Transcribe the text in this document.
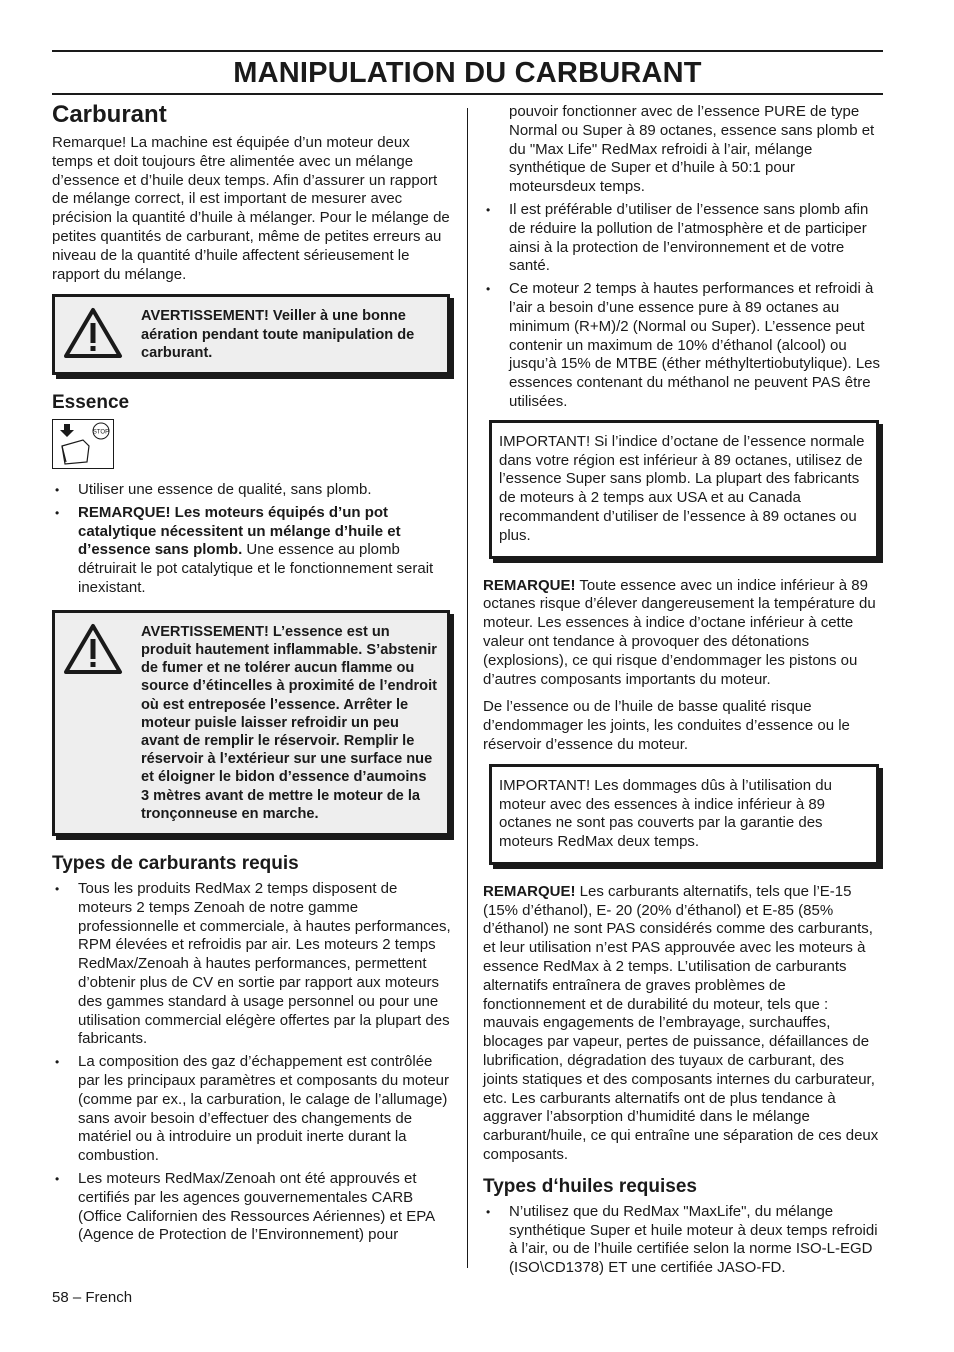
MANIPULATION DU CARBURANT
Carburant

Remarque! La machine est équipée d’un moteur deux temps et doit toujours être alimentée avec un mélange d’essence et d’huile deux temps. Afin d’assurer un rapport de mélange correct, il est important de mesurer avec précision la quantité d’huile à mélanger. Pour le mélange de petites quantités de carburant, même de petites erreurs au niveau de la quantité d’huile affectent sérieusement le rapport du mélange.

AVERTISSEMENT! Veiller à une bonne aération pendant toute manipulation de carburant.

Essence
STOP
• Utiliser une essence de qualité, sans plomb.
• REMARQUE! Les moteurs équipés d’un pot catalytique nécessitent un mélange d’huile et d’essence sans plomb. Une essence au plomb détruirait le pot catalytique et le fonctionnement serait inexistant.

AVERTISSEMENT! L’essence est un produit hautement inflammable. S’abstenir de fumer et ne tolérer aucun flamme ou source d’étincelles à proximité de l’endroit où est entreposée l’essence. Arrêter le moteur puisle laisser refroidir un peu avant de remplir le réservoir. Remplir le réservoir à l’extérieur sur une surface nue et éloigner le bidon d’essence d’aumoins 3 mètres avant de mettre le moteur de la tronçonneuse en marche.

Types de carburants requis
• Tous les produits RedMax 2 temps disposent de moteurs 2 temps Zenoah de notre gamme professionnelle et commerciale, à hautes performances, RPM élevées et refroidis par air. Les moteurs 2 temps RedMax/Zenoah à hautes performances, permettent d’obtenir plus de CV en sortie par rapport aux moteurs des gammes standard à usage personnel ou pour une utilisation commercial elégère offertes par la plupart des fabricants.
• La composition des gaz d’échappement est contrôlée par les principaux paramètres et composants du moteur (comme par ex., la carburation, le calage de l’allumage) sans avoir besoin d’effectuer des changements de matériel ou à introduire un produit inerte durant la combustion.
• Les moteurs RedMax/Zenoah ont été approuvés et certifiés par les agences gouvernementales CARB (Office Californien des Ressources Aériennes) et EPA (Agence de Protection de l’Environnement) pour

pouvoir fonctionner avec de l’essence PURE de type Normal ou Super à 89 octanes, essence sans plomb et du "Max Life" RedMax refroidi à l’air, mélange synthétique de Super et d’huile à 50:1 pour moteursdeux temps.

• Il est préférable d’utiliser de l’essence sans plomb afin de réduire la pollution de l’atmosphère et de participer ainsi à la protection de l’environnement et de votre santé.
• Ce moteur 2 temps à hautes performances et refroidi à l’air a besoin d’une essence pure à 89 octanes au minimum (R+M)/2 (Normal ou Super). L’essence peut contenir un maximum de 10% d’éthanol (alcool) ou jusqu’à 15% de MTBE (éther méthyltertiobutylique). Les essences contenant du méthanol ne peuvent PAS être utilisées.

IMPORTANT! Si l’indice d’octane de l’essence normale dans votre région est inférieur à 89 octanes, utilisez de l’essence Super sans plomb. La plupart des fabricants de moteurs à 2 temps aux USA et au Canada recommandent d’utiliser de l’essence à 89 octanes ou plus.

REMARQUE! Toute essence avec un indice inférieur à 89 octanes risque d’élever dangereusement la température du moteur. Les essences à indice d’octane inférieur à cette valeur ont tendance à provoquer des détonations (explosions), ce qui risque d’endommager les pistons ou d’autres composants importants du moteur.

De l’essence ou de l’huile de basse qualité risque d’endommager les joints, les conduites d’essence ou le réservoir d’essence du moteur.

IMPORTANT! Les dommages dûs à l’utilisation du moteur avec des essences à indice inférieur à 89 octanes ne sont pas couverts par la garantie des moteurs RedMax deux temps.

REMARQUE! Les carburants alternatifs, tels que l’E-15 (15% d’éthanol), E- 20 (20% d’éthanol) et E-85 (85% d’éthanol) ne sont PAS considérés comme des carburants, et leur utilisation n’est PAS approuvée avec les moteurs à essence RedMax à 2 temps. L’utilisation de carburants alternatifs entraînera de graves problèmes de fonctionnement et de durabilité du moteur, tels que : mauvais engagements de l’embrayage, surchauffes, blocages par vapeur, pertes de puissance, défaillances de lubrification, dégradation des tuyaux de carburant, des joints statiques et des composants internes du carburateur, etc. Les carburants alternatifs ont de plus tendance à aggraver l’absorption d’humidité dans le mélange carburant/huile, ce qui entraîne une séparation de ces deux composants.

Types d‘huiles requises
• N’utilisez que du RedMax "MaxLife", du mélange synthétique Super et huile moteur à deux temps refroidi à l’air, ou de l’huile certifiée selon la norme ISO-L-EGD (ISO\CD1378) ET une certifiée JASO-FD.
58 – French
